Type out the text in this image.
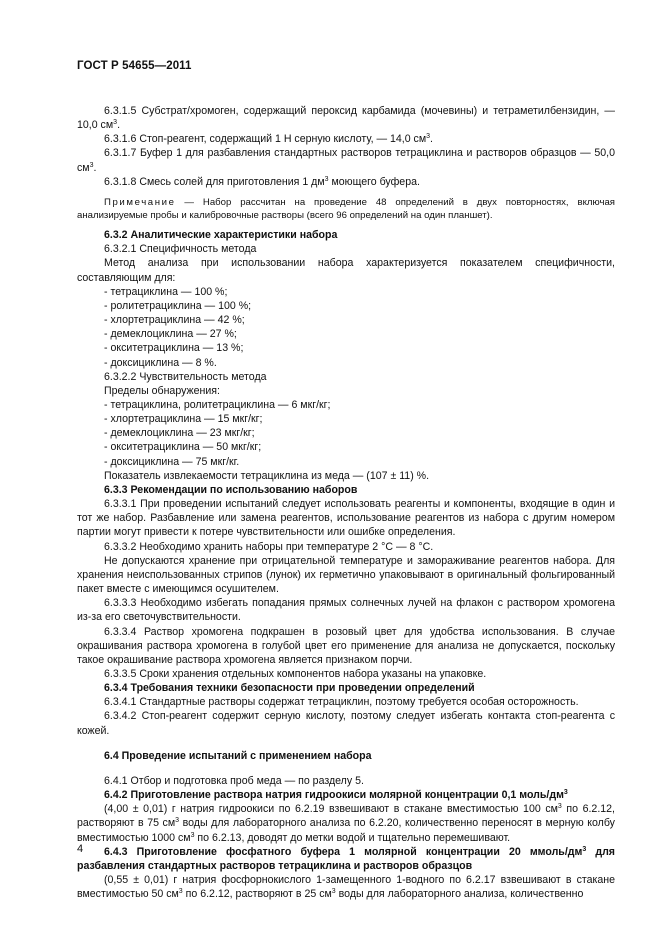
ГОСТ Р 54655—2011

6.3.1.5 Субстрат/хромоген, содержащий пероксид карбамида (мочевины) и тетраметилбензидин, — 10,0 $см^3$.

6.3.1.6 Стоп-реагент, содержащий 1 Н серную кислоту, — 14,0 $см^3$.

6.3.1.7 Буфер 1 для разбавления стандартных растворов тетрациклина и растворов образцов — 50,0 $см^3$.

6.3.1.8 Смесь солей для приготовления 1 $дм^3$ моющего буфера.

Примечание — Набор рассчитан на проведение 48 определений в двух повторностях, включая анализируемые пробы и калибровочные растворы (всего 96 определений на один планшет).

6.3.2 Аналитические характеристики набора

6.3.2.1 Специфичность метода

Метод анализа при использовании набора характеризуется показателем специфичности, составляющим для:

- тетрациклина — 100 %;

- ролитетрациклина — 100 %;

- хлортетрациклина — 42 %;

- демеклоциклина — 27 %;

- окситетрациклина — 13 %;

- доксициклина — 8 %.

6.3.2.2 Чувствительность метода

Пределы обнаружения:

- тетрациклина, ролитетрациклина — 6 мкг/кг;

- хлортетрациклина — 15 мкг/кг;

- демеклоциклина — 23 мкг/кг;

- окситетрациклина — 50 мкг/кг;

- доксициклина — 75 мкг/кг.

Показатель извлекаемости тетрациклина из меда — (107 ± 11) %.

6.3.3 Рекомендации по использованию наборов

6.3.3.1 При проведении испытаний следует использовать реагенты и компоненты, входящие в один и тот же набор. Разбавление или замена реагентов, использование реагентов из набора с другим номером партии могут привести к потере чувствительности или ошибке определения.

6.3.3.2 Необходимо хранить наборы при температуре 2 °С — 8 °С.

Не допускаются хранение при отрицательной температуре и замораживание реагентов набора. Для хранения неиспользованных стрипов (лунок) их герметично упаковывают в оригинальный фольгированный пакет вместе с имеющимся осушителем.

6.3.3.3 Необходимо избегать попадания прямых солнечных лучей на флакон с раствором хромогена из-за его светочувствительности.

6.3.3.4 Раствор хромогена подкрашен в розовый цвет для удобства использования. В случае окрашивания раствора хромогена в голубой цвет его применение для анализа не допускается, поскольку такое окрашивание раствора хромогена является признаком порчи.

6.3.3.5 Сроки хранения отдельных компонентов набора указаны на упаковке.

6.3.4 Требования техники безопасности при проведении определений

6.3.4.1 Стандартные растворы содержат тетрациклин, поэтому требуется особая осторожность.

6.3.4.2 Стоп-реагент содержит серную кислоту, поэтому следует избегать контакта стоп-реагента с кожей.

6.4 Проведение испытаний с применением набора

6.4.1 Отбор и подготовка проб меда — по разделу 5.

6.4.2 Приготовление раствора натрия гидроокиси молярной концентрации 0,1 моль/$дм^3$

(4,00 ± 0,01) г натрия гидроокиси по 6.2.19 взвешивают в стакане вместимостью 100 $см^3$ по 6.2.12, растворяют в 75 $см^3$ воды для лабораторного анализа по 6.2.20, количественно переносят в мерную колбу вместимостью 1000 $см^3$ по 6.2.13, доводят до метки водой и тщательно перемешивают.

6.4.3 Приготовление фосфатного буфера 1 молярной концентрации 20 ммоль/$дм^3$ для разбавления стандартных растворов тетрациклина и растворов образцов

(0,55 ± 0,01) г натрия фосфорнокислого 1-замещенного 1-водного по 6.2.17 взвешивают в стакане вместимостью 50 $см^3$ по 6.2.12, растворяют в 25 $см^3$ воды для лабораторного анализа, количественно

4
